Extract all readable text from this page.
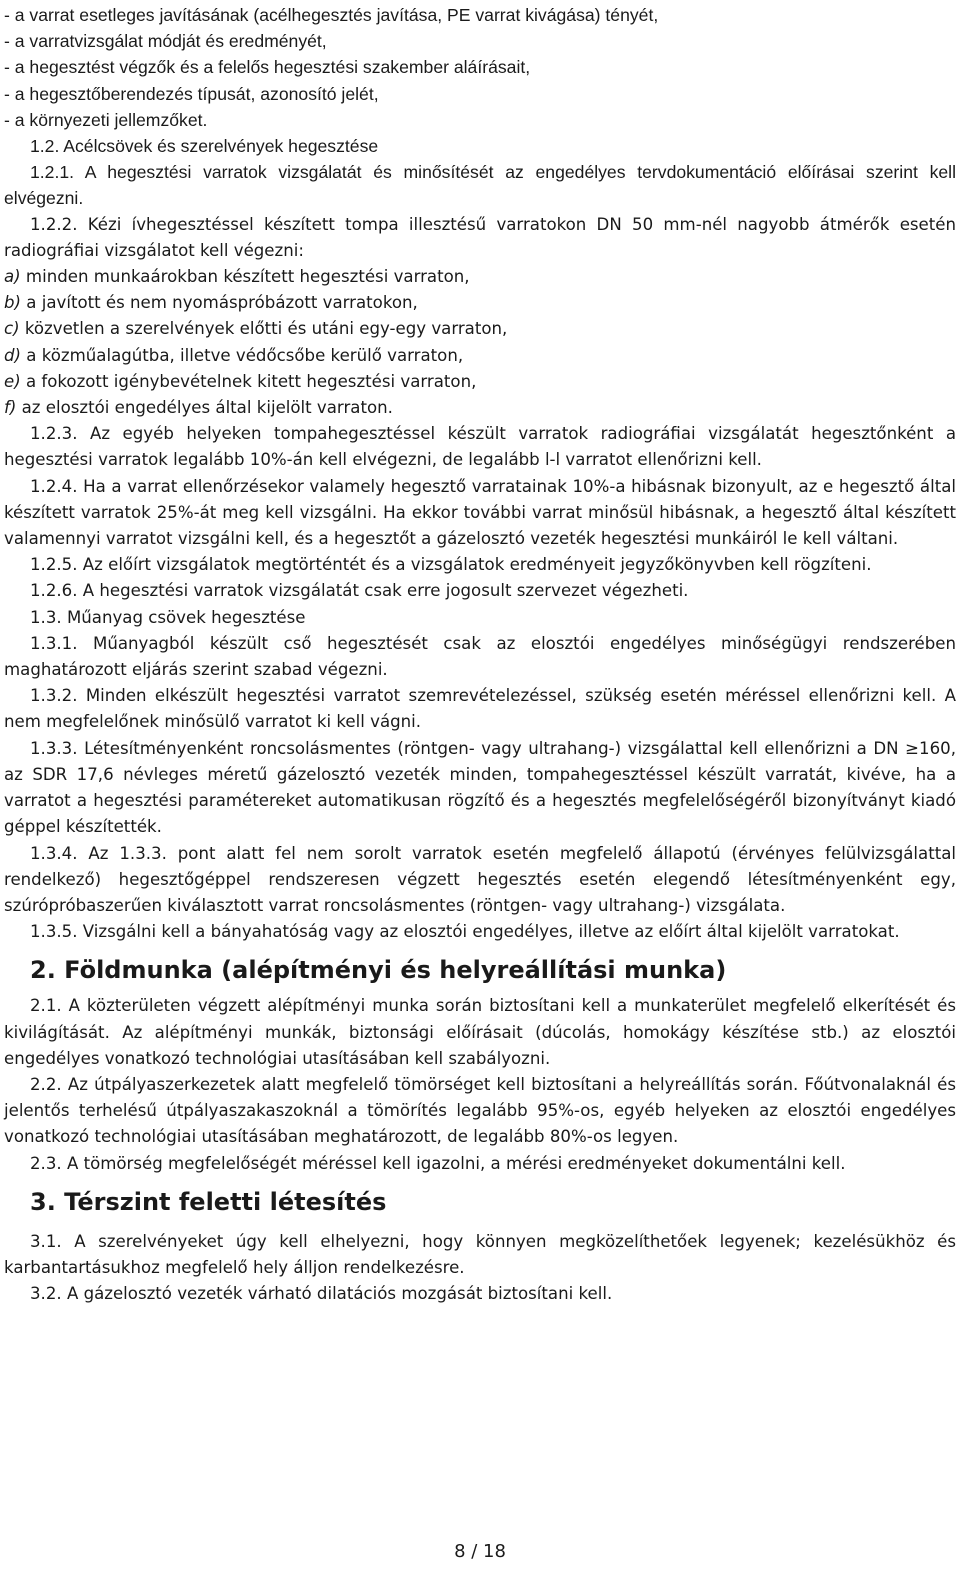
- a varrat esetleges javításának (acélhegesztés javítása, PE varrat kivágása) tényét,
- a varratvizsgálat módját és eredményét,
- a hegesztést végzők és a felelős hegesztési szakember aláírásait,
- a hegesztőberendezés típusát, azonosító jelét,
- a környezeti jellemzőket.
1.2. Acélcsövek és szerelvények hegesztése

1.2.1. A hegesztési varratok vizsgálatát és minősítését az engedélyes tervdokumentáció előírásai szerint kell elvégezni.

1.2.2. Kézi ívhegesztéssel készített tompa illesztésű varratokon DN 50 mm-nél nagyobb átmérők esetén radiográfiai vizsgálatot kell végezni:

a) minden munkaárokban készített hegesztési varraton,
b) a javított és nem nyomáspróbázott varratokon,
c) közvetlen a szerelvények előtti és utáni egy-egy varraton,
d) a közműalagútba, illetve védőcsőbe kerülő varraton,
e) a fokozott igénybevételnek kitett hegesztési varraton,
f) az elosztói engedélyes által kijelölt varraton.

1.2.3. Az egyéb helyeken tompahegesztéssel készült varratok radiográfiai vizsgálatát hegesztőnként a hegesztési varratok legalább 10%-án kell elvégezni, de legalább l-l varratot ellenőrizni kell.

1.2.4. Ha a varrat ellenőrzésekor valamely hegesztő varratainak 10%-a hibásnak bizonyult, az e hegesztő által készített varratok 25%-át meg kell vizsgálni. Ha ekkor további varrat minősül hibásnak, a hegesztő által készített valamennyi varratot vizsgálni kell, és a hegesztőt a gázelosztó vezeték hegesztési munkáiról le kell váltani.

1.2.5. Az előírt vizsgálatok megtörténtét és a vizsgálatok eredményeit jegyzőkönyvben kell rögzíteni.

1.2.6. A hegesztési varratok vizsgálatát csak erre jogosult szervezet végezheti.

1.3. Műanyag csövek hegesztése

1.3.1. Műanyagból készült cső hegesztését csak az elosztói engedélyes minőségügyi rendszerében maghatározott eljárás szerint szabad végezni.

1.3.2. Minden elkészült hegesztési varratot szemrevételezéssel, szükség esetén méréssel ellenőrizni kell. A nem megfelelőnek minősülő varratot ki kell vágni.

1.3.3. Létesítményenként roncsolásmentes (röntgen- vagy ultrahang-) vizsgálattal kell ellenőrizni a DN ≥160, az SDR 17,6 névleges méretű gázelosztó vezeték minden, tompahegesztéssel készült varratát, kivéve, ha a varratot a hegesztési paramétereket automatikusan rögzítő és a hegesztés megfelelőségéről bizonyítványt kiadó géppel készítették.

1.3.4. Az 1.3.3. pont alatt fel nem sorolt varratok esetén megfelelő állapotú (érvényes felülvizsgálattal rendelkező) hegesztőgéppel rendszeresen végzett hegesztés esetén elegendő létesítményenként egy, szúrópróbaszerűen kiválasztott varrat roncsolásmentes (röntgen- vagy ultrahang-) vizsgálata.

1.3.5. Vizsgálni kell a bányahatóság vagy az elosztói engedélyes, illetve az előírt által kijelölt varratokat.

2. Földmunka (alépítményi és helyreállítási munka)

2.1. A közterületen végzett alépítményi munka során biztosítani kell a munkaterület megfelelő elkerítését és kivilágítását. Az alépítményi munkák, biztonsági előírásait (dúcolás, homokágy készítése stb.) az elosztói engedélyes vonatkozó technológiai utasításában kell szabályozni.

2.2. Az útpályaszerkezetek alatt megfelelő tömörséget kell biztosítani a helyreállítás során. Főútvonalaknál és jelentős terhelésű útpályaszakaszoknál a tömörítés legalább 95%-os, egyéb helyeken az elosztói engedélyes vonatkozó technológiai utasításában meghatározott, de legalább 80%-os legyen.

2.3. A tömörség megfelelőségét méréssel kell igazolni, a mérési eredményeket dokumentálni kell.

3. Térszint feletti létesítés

3.1. A szerelvényeket úgy kell elhelyezni, hogy könnyen megközelíthetőek legyenek; kezelésükhöz és karbantartásukhoz megfelelő hely álljon rendelkezésre.

3.2. A gázelosztó vezeték várható dilatációs mozgását biztosítani kell.

8 / 18
